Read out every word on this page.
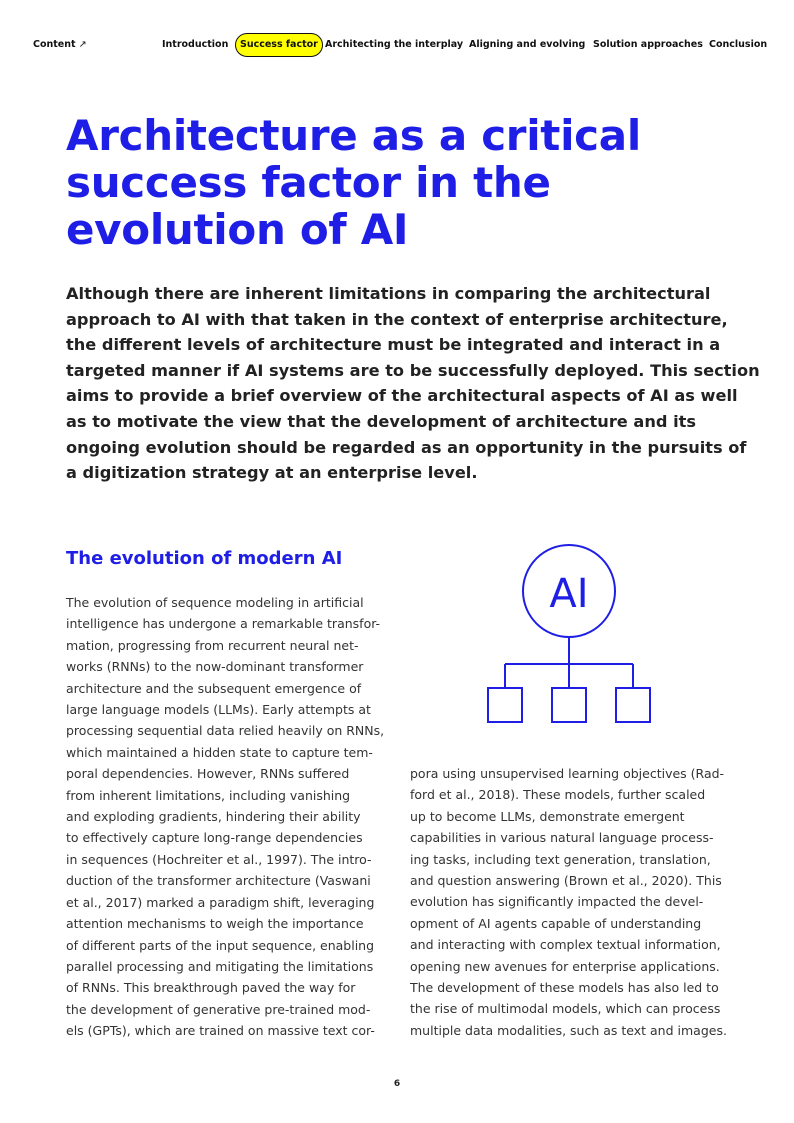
Content ↗	Introduction	Success factor Architecting the interplay Aligning and evolving Solution approaches Conclusion
Architecture as a critical
success factor in the
evolution of AI

Although there are inherent limitations in comparing the architectural
approach to AI with that taken in the context of enterprise architecture,
the different levels of architecture must be integrated and interact in a
targeted manner if AI systems are to be successfully deployed. This section
aims to provide a brief overview of the architectural aspects of AI as well
as to motivate the view that the development of architecture and its
ongoing evolution should be regarded as an opportunity in the pursuits of
a digitization strategy at an enterprise level.

The evolution of modern AI
AI
The evolution of sequence modeling in artificial
intelligence has undergone a remarkable transfor-
mation, progressing from recurrent neural net-
works (RNNs) to the now-dominant transformer
architecture and the subsequent emergence of
large language models (LLMs). Early attempts at
processing sequential data relied heavily on RNNs,
which maintained a hidden state to capture tem-
poral dependencies. However, RNNs suffered
from inherent limitations, including vanishing
and exploding gradients, hindering their ability
to effectively capture long-range dependencies
in sequences (Hochreiter et al., 1997). The intro-
duction of the transformer architecture (Vaswani
et al., 2017) marked a paradigm shift, leveraging
attention mechanisms to weigh the importance
of different parts of the input sequence, enabling
parallel processing and mitigating the limitations
of RNNs. This breakthrough paved the way for
the development of generative pre-trained mod-
els (GPTs), which are trained on massive text cor-
pora using unsupervised learning objectives (Rad-
ford et al., 2018). These models, further scaled
up to become LLMs, demonstrate emergent
capabilities in various natural language process-
ing tasks, including text generation, translation,
and question answering (Brown et al., 2020). This
evolution has significantly impacted the devel-
opment of AI agents capable of understanding
and interacting with complex textual information,
opening new avenues for enterprise applications.
The development of these models has also led to
the rise of multimodal models, which can process
multiple data modalities, such as text and images.
6
